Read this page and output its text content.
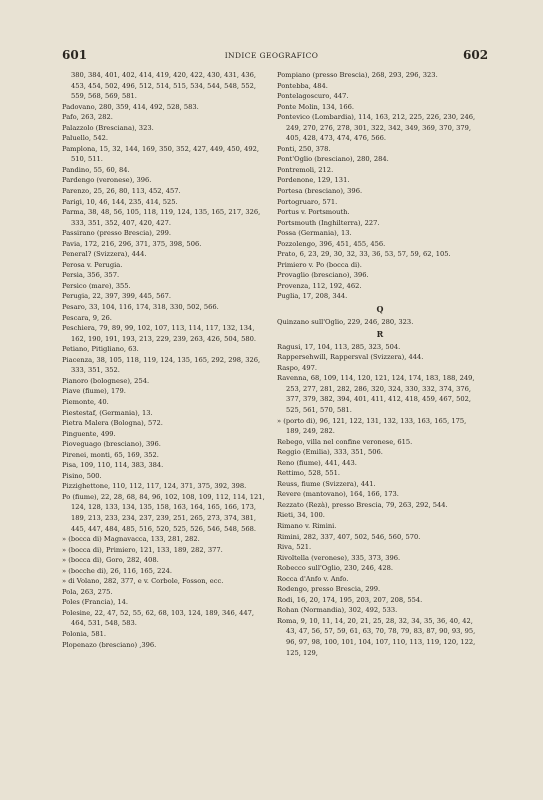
601	INDICE GEOGRAFICO	602
380, 384, 401, 402, 414, 419, 420, 422, 430, 431, 436, 453, 454, 502, 496, 512, 514, 515, 534, 544, 548, 552, 559, 568, 569, 581.
Padovano, 280, 359, 414, 492, 528, 583.
Pafo, 263, 282.
Palazzolo (Bresciana), 323.
Paluello, 542.
Pamplona, 15, 32, 144, 169, 350, 352, 427, 449, 450, 492, 510, 511.
Pandino, 55, 60, 84.
Pardengo (veronese), 396.
Parenzo, 25, 26, 80, 113, 452, 457.
Parigi, 10, 46, 144, 235, 414, 525.
Parma, 38, 48, 56, 105, 118, 119, 124, 135, 165, 217, 326, 333, 351, 352, 407, 420, 427.
Passirano (presso Brescia), 299.
Pavia, 172, 216, 296, 371, 375, 398, 506.
Peneral? (Svizzera), 444.
Perosa v. Perugia.
Persia, 356, 357.
Persico (mare), 355.
Perugia, 22, 397, 399, 445, 567.
Pesaro, 33, 104, 116, 174, 318, 330, 502, 566.
Pescara, 9, 26.
Peschiera, 79, 89, 99, 102, 107, 113, 114, 117, 132, 134, 162, 190, 191, 193, 213, 229, 239, 263, 426, 504, 580.
Petiano, Pitigliano, 63.
Piacenza, 38, 105, 118, 119, 124, 135, 165, 292, 298, 326, 333, 351, 352.
Pianoro (bolognese), 254.
Piave (fiume), 179.
Piemonte, 40.
Piestestaf, (Germania), 13.
Pietra Malera (Bologna), 572.
Pinguente, 499.
Pioveguago (bresciano), 396.
Pirenei, monti, 65, 169, 352.
Pisa, 109, 110, 114, 383, 384.
Pisino, 500.
Pizzighettone, 110, 112, 117, 124, 371, 375, 392, 398.
Po (fiume), 22, 28, 68, 84, 96, 102, 108, 109, 112, 114, 121, 124, 128, 133, 134, 135, 158, 163, 164, 165, 166, 173, 189, 213, 233, 234, 237, 239, 251, 265, 273, 374, 381, 445, 447, 484, 485, 516, 520, 525, 526, 546, 548, 568.
» (bocca di) Magnavacca, 133, 281, 282.
» (bocca di), Primiero, 121, 133, 189, 282, 377.
» (bocca di), Goro, 282, 408.
» (bocche di), 26, 116, 165, 224.
» di Volano, 282, 377, e v. Corbole, Fosson, ecc.
Pola, 263, 275.
Poles (Francia), 14.
Polesine, 22, 47, 52, 55, 62, 68, 103, 124, 189, 346, 447, 464, 531, 548, 583.
Polonia, 581.
Plopenazo (bresciano) ,396.
Pompiano (presso Brescia), 268, 293, 296, 323.
Pontebba, 484.
Pontelagoscuro, 447.
Ponte Molin, 134, 166.
Pontevico (Lombardia), 114, 163, 212, 225, 226, 230, 246, 249, 270, 276, 278, 301, 322, 342, 349, 369, 370, 379, 405, 428, 473, 474, 476, 566.
Ponti, 250, 378.
Pont'Oglio (bresciano), 280, 284.
Pontremoli, 212.
Pordenone, 129, 131.
Portesa (bresciano), 396.
Portogruaro, 571.
Portus v. Portsmouth.
Portsmouth (Inghilterra), 227.
Possa (Germania), 13.
Pozzolengo, 396, 451, 455, 456.
Prato, 6, 23, 29, 30, 32, 33, 36, 53, 57, 59, 62, 105.
Primiero v. Po (bocca di).
Provaglio (bresciano), 396.
Provenza, 112, 192, 462.
Puglia, 17, 208, 344.
Q
Quinzano sull'Oglio, 229, 246, 280, 323.
R
Ragusi, 17, 104, 113, 285, 323, 504.
Rappersehwill, Rappersval (Svizzera), 444.
Raspo, 497.
Ravenna, 68, 109, 114, 120, 121, 124, 174, 183, 188, 249, 253, 277, 281, 282, 286, 320, 324, 330, 332, 374, 376, 377, 379, 382, 394, 401, 411, 412, 418, 459, 467, 502, 525, 561, 570, 581.
» (porto di), 96, 121, 122, 131, 132, 133, 163, 165, 175, 189, 249, 282.
Rebego, villa nel confine veronese, 615.
Reggio (Emilia), 333, 351, 506.
Reno (fiume), 441, 443.
Rettimo, 528, 551.
Reuss, fiume (Svizzera), 441.
Revere (mantovano), 164, 166, 173.
Rezzato (Rezà), presso Brescia, 79, 263, 292, 544.
Rieti, 34, 100.
Rimano v. Rimini.
Rimini, 282, 337, 407, 502, 546, 560, 570.
Riva, 521.
Rivoltella (veronese), 335, 373, 396.
Robecco sull'Oglio, 230, 246, 428.
Rocca d'Anfo v. Anfo.
Rodengo, presso Brescia, 299.
Rodi, 16, 20, 174, 195, 203, 207, 208, 554.
Rohan (Normandia), 302, 492, 533.
Roma, 9, 10, 11, 14, 20, 21, 25, 28, 32, 34, 35, 36, 40, 42, 43, 47, 56, 57, 59, 61, 63, 70, 78, 79, 83, 87, 90, 93, 95, 96, 97, 98, 100, 101, 104, 107, 110, 113, 119, 120, 122, 125, 129,
